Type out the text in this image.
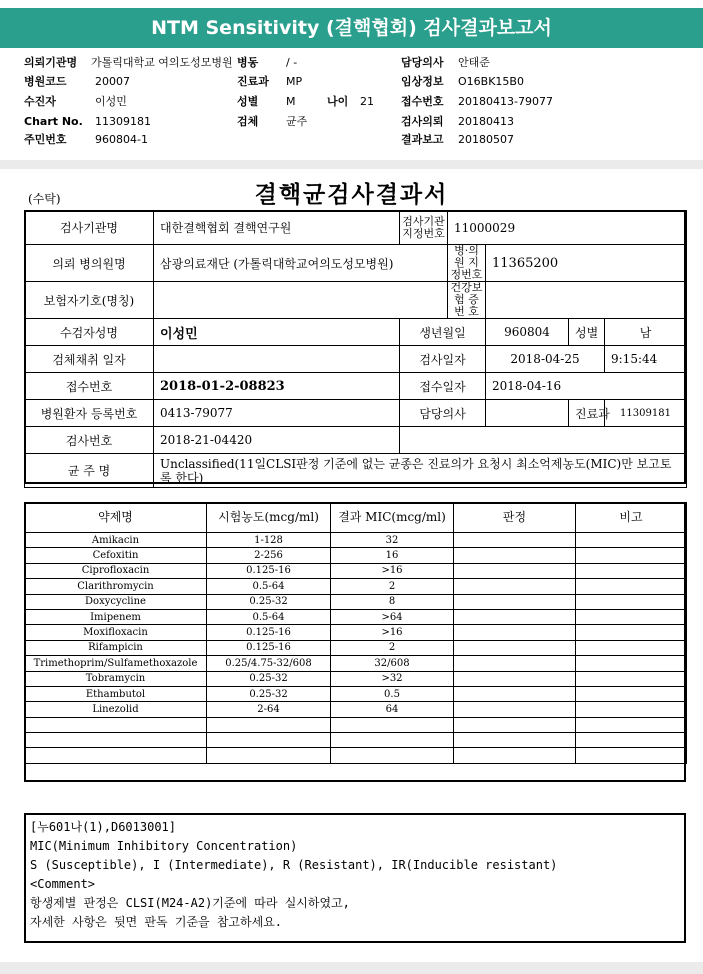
NTM Sensitivity (결핵협회) 검사결과보고서
의뢰기관명 가톨릭대학교 여의도성모병원 병동	/ -	담당의사 안태준
병원코드	20007	진료과 MP	임상정보 O16BK15B0
수진자	이성민	성별	M	나이 21 접수번호 20180413-79077
Chart No. 11309181	검체	균주	검사의뢰 20180413
주민번호	960804-1	결과보고 20180507
(수탁)	결핵균검사결과서
검사기관명	대한결핵협회 결핵연구원	검사기관 지정번호	11000029			
의뢰 병의원명	삼광의료재단 (가톨릭대학교여의도성모병원)		병·의원 지정번호	11365200		
보험자기호(명칭)			건강보험 증 번 호			
수검자성명	이성민	생년월일		960804	성별	남
검체채취 일자		검사일자		2018-04-25		9:15:44
접수번호	2018-01-2-08823	접수일자		2018-04-16		
병원환자 등록번호	0413-79077	담당의사			진료과	11309181
검사번호	2018-21-04420					
균 주 명	Unclassified(11일CLSI판정 기준에 없는 균종은 진료의가 요청시 최소억제농도(MIC)만 보고토록 한다)					
약제명	시험농도(mcg/ml)	결과 MIC(mcg/ml)	판정	비고
Amikacin	1-128	32		
Cefoxitin	2-256	16		
Ciprofloxacin	0.125-16	>16		
Clarithromycin	0.5-64	2		
Doxycycline	0.25-32	8		
Imipenem	0.5-64	>64		
Moxifloxacin	0.125-16	>16		
Rifampicin	0.125-16	2		
Trimethoprim/Sulfamethoxazole	0.25/4.75-32/608	32/608		
Tobramycin	0.25-32	>32		
Ethambutol	0.25-32	0.5		
Linezolid	2-64	64		

[누601나(1),D6013001]
MIC(Minimum Inhibitory Concentration)
S (Susceptible), I (Intermediate), R (Resistant), IR(Inducible resistant)
<Comment>
항생제별 판정은 CLSI(M24-A2)기준에 따라 실시하였고,
자세한 사항은 뒷면 판독 기준을 참고하세요.
